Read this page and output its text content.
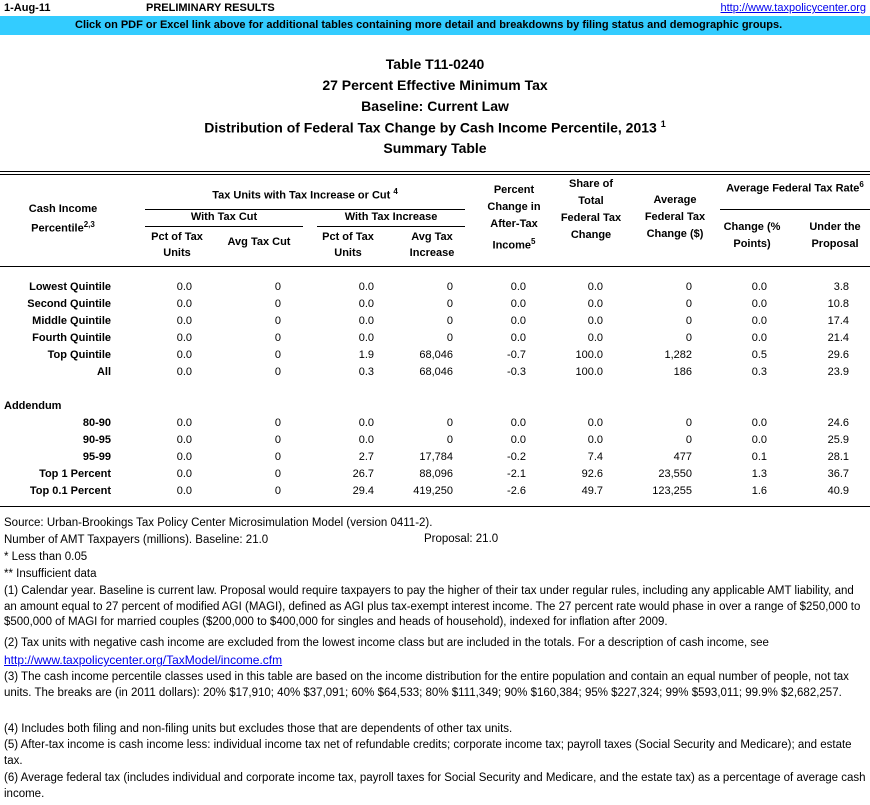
1-Aug-11	PRELIMINARY RESULTS	http://www.taxpolicycenter.org
Click on PDF or Excel link above for additional tables containing more detail and breakdowns by filing status and demographic groups.
Table T11-0240
27 Percent Effective Minimum Tax
Baseline: Current Law
Distribution of Federal Tax Change by Cash Income Percentile, 2013 $^1$
Summary Table
Cash Income Percentile$^{2,3}$
Tax Units with Tax Increase or Cut $^4$
With Tax Cut	With Tax Increase
Pct of Tax Units
Avg Tax Cut	Pct of Tax Units
Avg Tax Increase
Percent Change in After-Tax Income$^5$
Share of Total Federal Tax Change
Average Federal Tax Change ($)
Average Federal Tax Rate$^6$
Change (% Points)
Under the Proposal
Lowest Quintile	0.0	0	0.0	0	0.0	0.0	0	0.0	3.8
Second Quintile	0.0	0	0.0	0	0.0	0.0	0	0.0	10.8
Middle Quintile	0.0	0	0.0	0	0.0	0.0	0	0.0	17.4
Fourth Quintile	0.0	0	0.0	0	0.0	0.0	0	0.0	21.4
Top Quintile	0.0	0	1.9	68,046	-0.7	100.0	1,282	0.5	29.6
All	0.0	0	0.3	68,046	-0.3	100.0	186	0.3	23.9
Addendum
80-90	0.0	0	0.0	0	0.0	0.0	0	0.0	24.6
90-95	0.0	0	0.0	0	0.0	0.0	0	0.0	25.9
95-99	0.0	0	2.7	17,784	-0.2	7.4	477	0.1	28.1
Top 1 Percent	0.0	0	26.7	88,096	-2.1	92.6	23,550	1.3	36.7
Top 0.1 Percent	0.0	0	29.4	419,250	-2.6	49.7	123,255	1.6	40.9
Source: Urban-Brookings Tax Policy Center Microsimulation Model (version 0411-2).
Number of AMT Taxpayers (millions). Baseline: 21.0	Proposal: 21.0
* Less than 0.05
** Insufficient data
(1) Calendar year. Baseline is current law. Proposal would require taxpayers to pay the higher of their tax under regular rules, including any applicable AMT liability, and an amount equal to 27 percent of modified AGI (MAGI), defined as AGI plus tax-exempt interest income. The 27 percent rate would phase in over a range of $250,000 to $500,000 of MAGI for married couples ($200,000 to $400,000 for singles and heads of household), indexed for inflation after 2009.
(2) Tax units with negative cash income are excluded from the lowest income class but are included in the totals. For a description of cash income, see
http://www.taxpolicycenter.org/TaxModel/income.cfm
(3) The cash income percentile classes used in this table are based on the income distribution for the entire population and contain an equal number of people, not tax units. The breaks are (in 2011 dollars): 20% $17,910; 40% $37,091; 60% $64,533; 80% $111,349; 90% $160,384; 95% $227,324; 99% $593,011; 99.9% $2,682,257.
(4) Includes both filing and non-filing units but excludes those that are dependents of other tax units.
(5) After-tax income is cash income less: individual income tax net of refundable credits; corporate income tax; payroll taxes (Social Security and Medicare); and estate tax.
(6) Average federal tax (includes individual and corporate income tax, payroll taxes for Social Security and Medicare, and the estate tax) as a percentage of average cash income.
